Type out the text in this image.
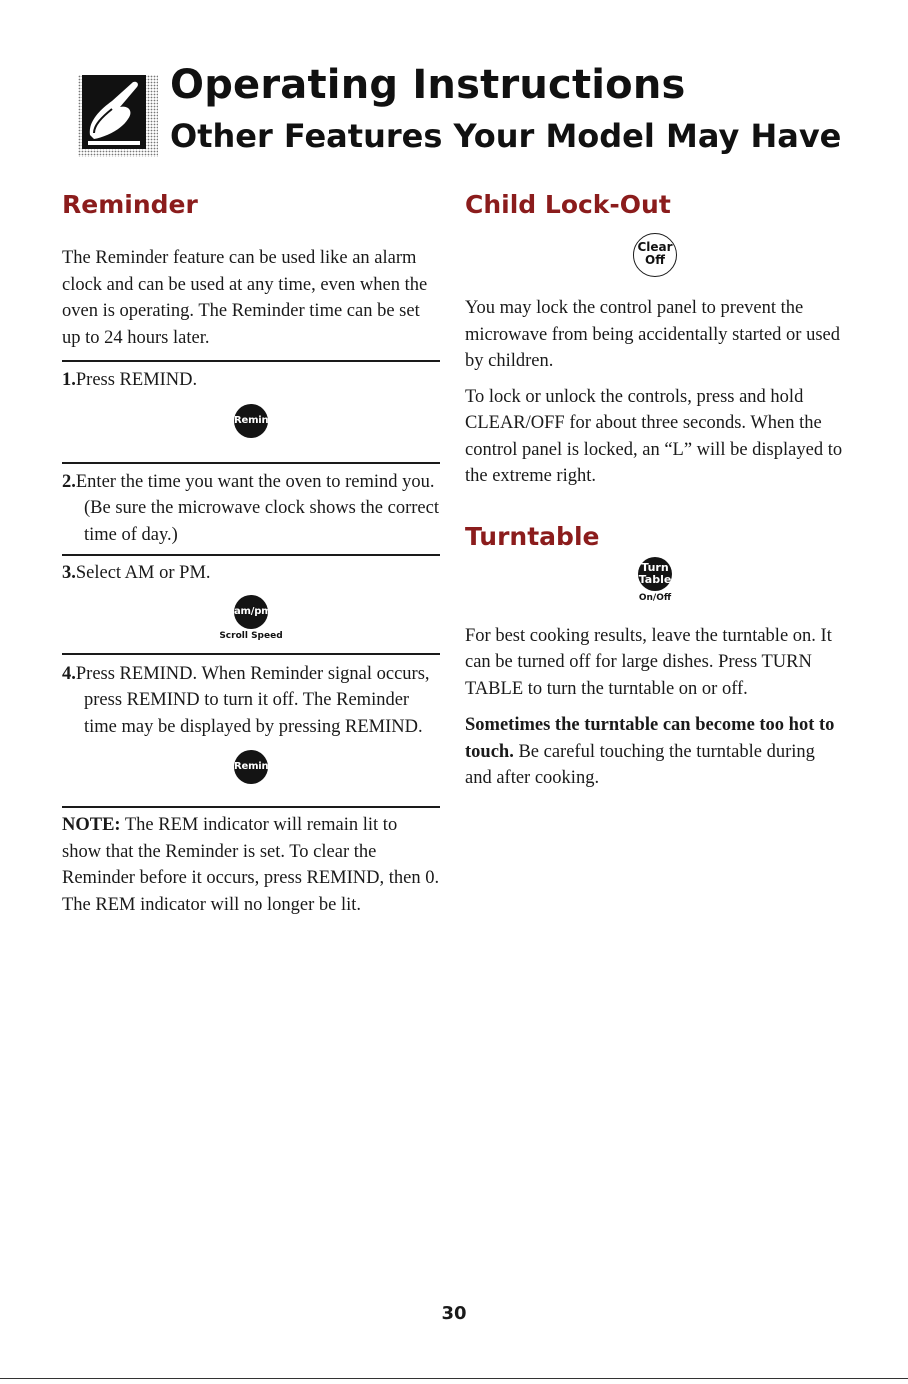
Operating Instructions
Other Features Your Model May Have
Reminder

The Reminder feature can be used like an alarm clock and can be used at any time, even when the oven is operating. The Reminder time can be set up to 24 hours later.

1.Press REMIND.

Remind

2.Enter the time you want the oven to remind you. (Be sure the microwave clock shows the correct time of day.)

3.Select AM or PM.

am/pm
Scroll Speed

4.Press REMIND. When Reminder signal occurs, press REMIND to turn it off. The Reminder time may be displayed by pressing REMIND.

Remind

NOTE: The REM indicator will remain lit to show that the Reminder is set. To clear the Reminder before it occurs, press REMIND, then 0. The REM indicator will no longer be lit.

Child Lock-Out
Clear
Off

You may lock the control panel to prevent the microwave from being accidentally started or used by children.

To lock or unlock the controls, press and hold CLEAR/OFF for about three seconds. When the control panel is locked, an “L” will be displayed to the extreme right.

Turntable
Turn
Table
On/Off

For best cooking results, leave the turntable on. It can be turned off for large dishes. Press TURN TABLE to turn the turntable on or off.

Sometimes the turntable can become too hot to touch. Be careful touching the turntable during and after cooking.

30
